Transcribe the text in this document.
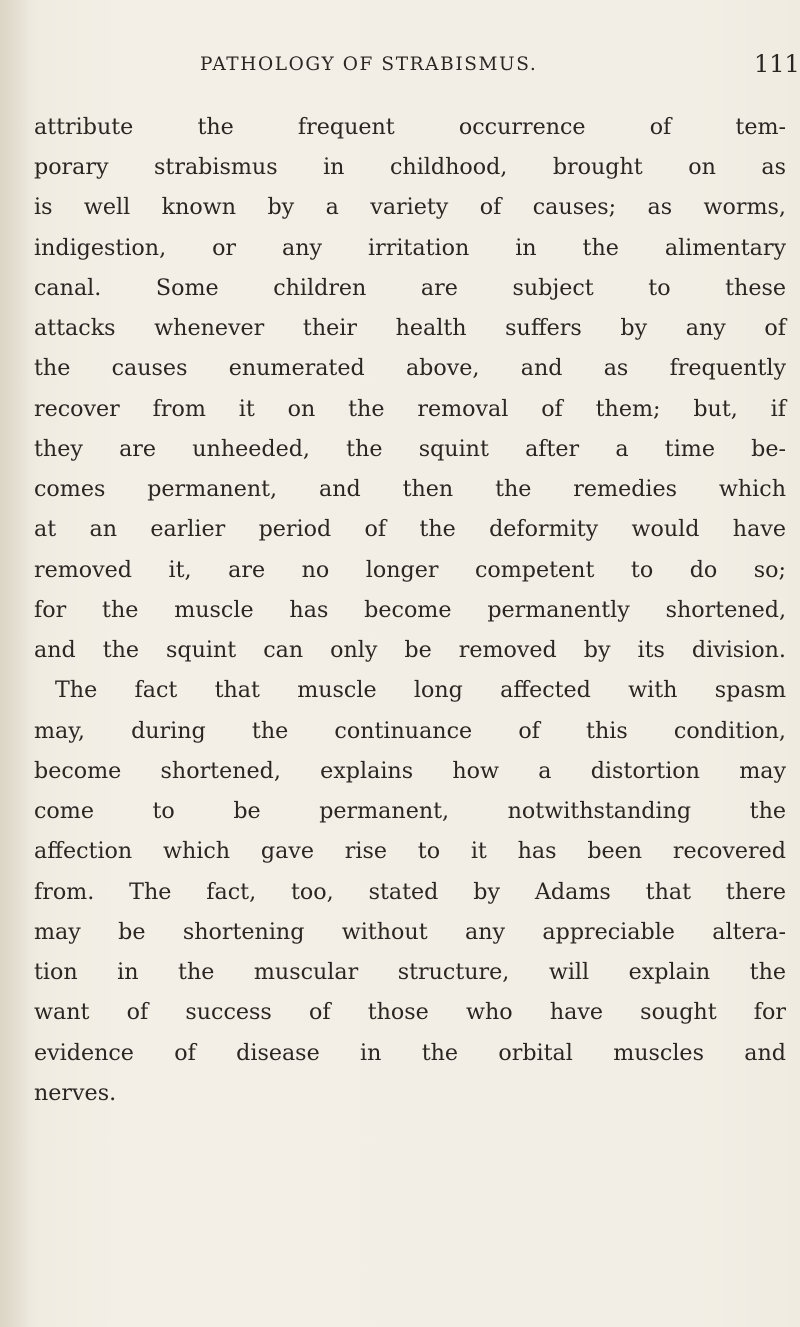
PATHOLOGY OF STRABISMUS.	111
attribute the frequent occurrence of tem-
porary strabismus in childhood, brought on as
is well known by a variety of causes; as worms,
indigestion, or any irritation in the alimentary
canal. Some children are subject to these
attacks whenever their health suffers by any of
the causes enumerated above, and as frequently
recover from it on the removal of them; but, if
they are unheeded, the squint after a time be-
comes permanent, and then the remedies which
at an earlier period of the deformity would have
removed it, are no longer competent to do so;
for the muscle has become permanently shortened,
and the squint can only be removed by its division.
The fact that muscle long affected with spasm
may, during the continuance of this condition,
become shortened, explains how a distortion may
come to be permanent, notwithstanding the
affection which gave rise to it has been recovered
from. The fact, too, stated by Adams that there
may be shortening without any appreciable altera-
tion in the muscular structure, will explain the
want of success of those who have sought for
evidence of disease in the orbital muscles and
nerves.
